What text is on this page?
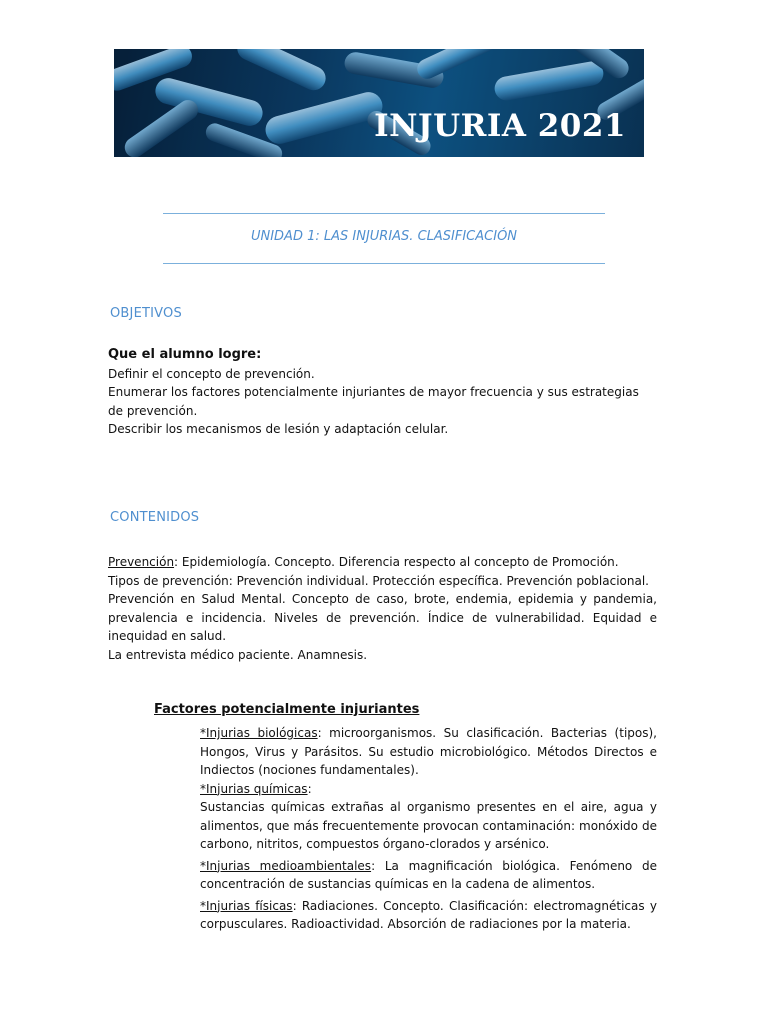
INJURIA 2021
UNIDAD 1: LAS INJURIAS. CLASIFICACIÓN
OBJETIVOS

Que el alumno logre:

Definir el concepto de prevención.

Enumerar los factores potencialmente injuriantes de mayor frecuencia y sus estrategias de prevención.

Describir los mecanismos de lesión y adaptación celular.

CONTENIDOS

Prevención: Epidemiología. Concepto. Diferencia respecto al concepto de Promoción.

Tipos de prevención: Prevención individual. Protección específica. Prevención poblacional.

Prevención en Salud Mental. Concepto de caso, brote, endemia, epidemia y pandemia, prevalencia e incidencia. Niveles de prevención. Índice de vulnerabilidad. Equidad e inequidad en salud.

La entrevista médico paciente. Anamnesis.

Factores potencialmente injuriantes

*Injurias biológicas: microorganismos. Su clasificación. Bacterias (tipos), Hongos, Virus y Parásitos. Su estudio microbiológico. Métodos Directos e Indiectos (nociones fundamentales).

*Injurias químicas:

Sustancias químicas extrañas al organismo presentes en el aire, agua y alimentos, que más frecuentemente provocan contaminación: monóxido de carbono, nitritos, compuestos órgano-clorados y arsénico.

*Injurias medioambientales: La magnificación biológica. Fenómeno de concentración de sustancias químicas en la cadena de alimentos.

*Injurias físicas: Radiaciones. Concepto. Clasificación: electromagnéticas y corpusculares. Radioactividad. Absorción de radiaciones por la materia.
